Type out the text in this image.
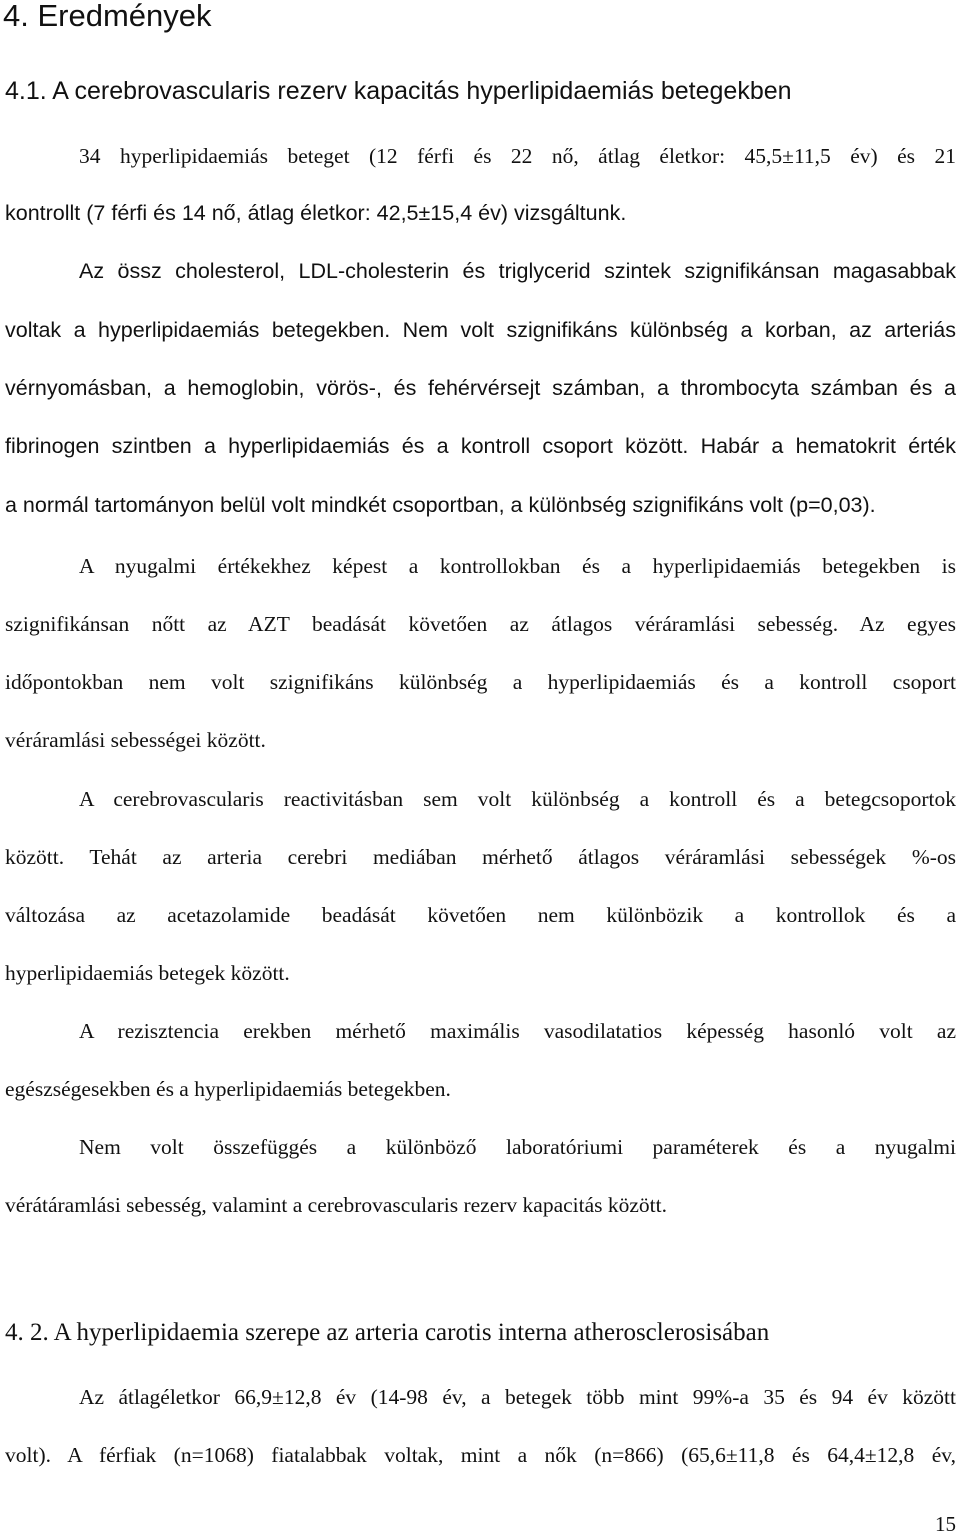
4. Eredmények
4.1. A cerebrovascularis rezerv kapacitás hyperlipidaemiás betegekben
34 hyperlipidaemiás beteget (12 férfi és 22 nő, átlag életkor: 45,5±11,5 év) és 21
kontrollt (7 férfi és 14 nő, átlag életkor: 42,5±15,4 év) vizsgáltunk.
Az össz cholesterol, LDL-cholesterin és triglycerid szintek szignifikánsan magasabbak
voltak a hyperlipidaemiás betegekben. Nem volt szignifikáns különbség a korban, az arteriás
vérnyomásban, a hemoglobin, vörös-, és fehérvérsejt számban, a thrombocyta számban és a
fibrinogen szintben a hyperlipidaemiás és a kontroll csoport között. Habár a hematokrit érték
a normál tartományon belül volt mindkét csoportban, a különbség szignifikáns volt (p=0,03).
A nyugalmi értékekhez képest a kontrollokban és a hyperlipidaemiás betegekben is
szignifikánsan nőtt az AZT beadását követően az átlagos véráramlási sebesség. Az egyes
időpontokban nem volt szignifikáns különbség a hyperlipidaemiás és a kontroll csoport
véráramlási sebességei között.
A cerebrovascularis reactivitásban sem volt különbség a kontroll és a betegcsoportok
között. Tehát az arteria cerebri mediában mérhető átlagos véráramlási sebességek %-os
változása az acetazolamide beadását követően nem különbözik a kontrollok és a
hyperlipidaemiás betegek között.
A rezisztencia erekben mérhető maximális vasodilatatios képesség hasonló volt az
egészségesekben és a hyperlipidaemiás betegekben.
Nem volt összefüggés a különböző laboratóriumi paraméterek és a nyugalmi
vérátáramlási sebesség, valamint a cerebrovascularis rezerv kapacitás között.
4. 2. A hyperlipidaemia szerepe az arteria carotis interna atherosclerosisában
Az átlagéletkor 66,9±12,8 év (14-98 év, a betegek több mint 99%-a 35 és 94 év között
volt). A férfiak (n=1068) fiatalabbak voltak, mint a nők (n=866) (65,6±11,8 és 64,4±12,8 év,
15
